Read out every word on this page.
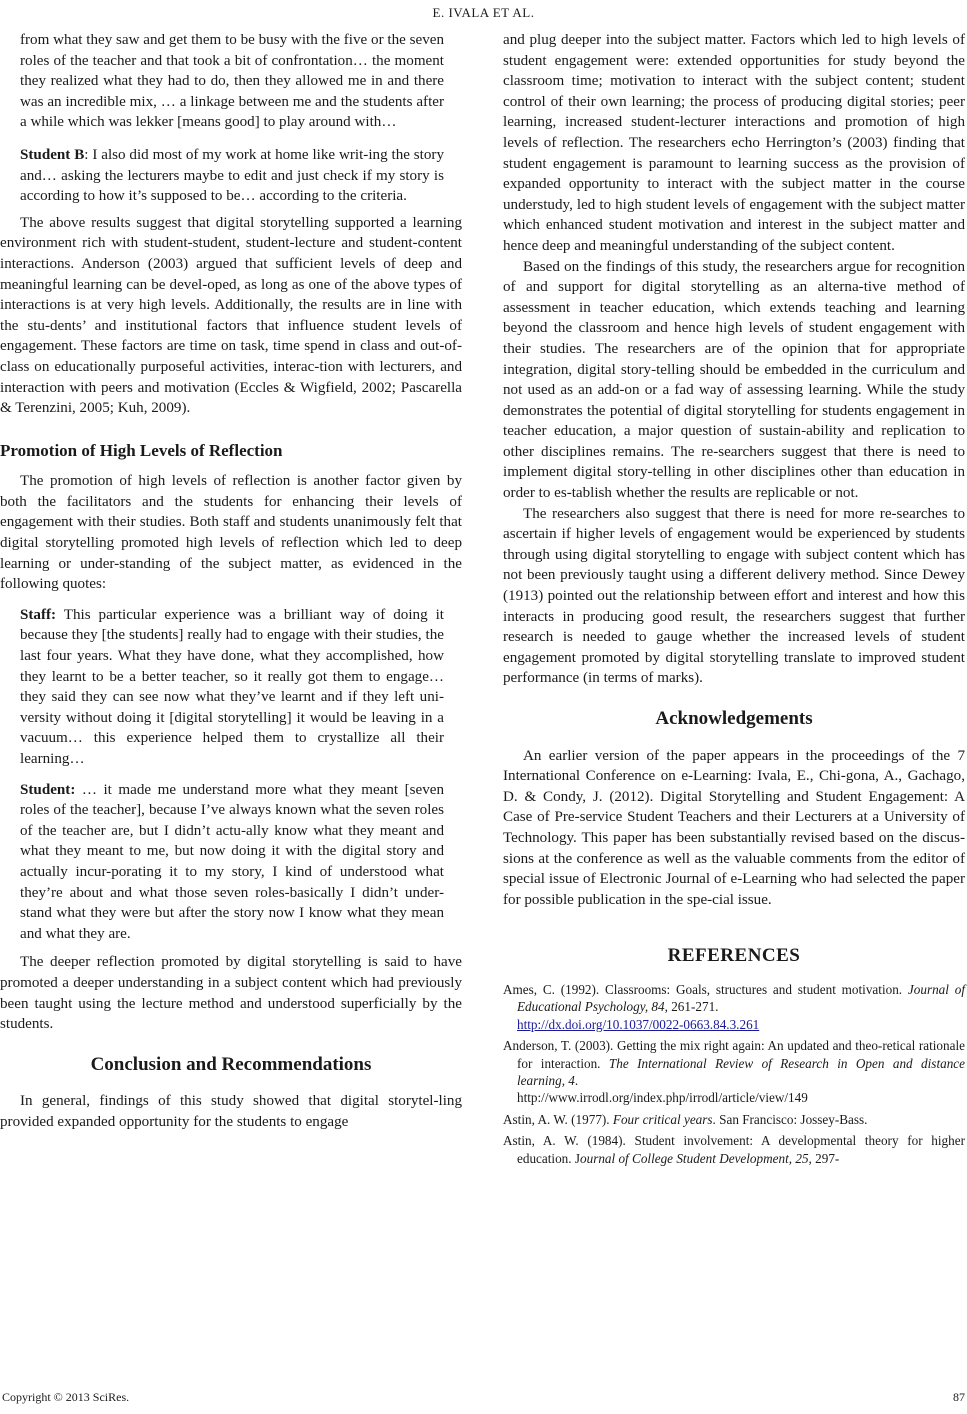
E. IVALA ET AL.

from what they saw and get them to be busy with the five or the seven roles of the teacher and that took a bit of confrontation… the moment they realized what they had to do, then they allowed me in and there was an incredible mix, … a linkage between me and the students after a while which was lekker [means good] to play around with…

Student B: I also did most of my work at home like writ-ing the story and… asking the lecturers maybe to edit and just check if my story is according to how it’s supposed to be… according to the criteria.

The above results suggest that digital storytelling supported a learning environment rich with student-student, student-lecture and student-content interactions. Anderson (2003) argued that sufficient levels of deep and meaningful learning can be devel-oped, as long as one of the above types of interactions is at very high levels. Additionally, the results are in line with the stu-dents’ and institutional factors that influence student levels of engagement. These factors are time on task, time spend in class and out-of-class on educationally purposeful activities, interac-tion with lecturers, and interaction with peers and motivation (Eccles & Wigfield, 2002; Pascarella & Terenzini, 2005; Kuh, 2009).

Promotion of High Levels of Reflection

The promotion of high levels of reflection is another factor given by both the facilitators and the students for enhancing their levels of engagement with their studies. Both staff and students unanimously felt that digital storytelling promoted high levels of reflection which led to deep learning or under-standing of the subject matter, as evidenced in the following quotes:

Staff: This particular experience was a brilliant way of doing it because they [the students] really had to engage with their studies, the last four years. What they have done, what they accomplished, how they learnt to be a better teacher, so it really got them to engage… they said they can see now what they’ve learnt and if they left uni-versity without doing it [digital storytelling] it would be leaving in a vacuum… this experience helped them to crystallize all their learning…

Student: … it made me understand more what they meant [seven roles of the teacher], because I’ve always known what the seven roles of the teacher are, but I didn’t actu-ally know what they meant and what they meant to me, but now doing it with the digital story and actually incur-porating it to my story, I kind of understood what they’re about and what those seven roles-basically I didn’t under-stand what they were but after the story now I know what they mean and what they are.

The deeper reflection promoted by digital storytelling is said to have promoted a deeper understanding in a subject content which had previously been taught using the lecture method and understood superficially by the students.

Conclusion and Recommendations

In general, findings of this study showed that digital storytel-ling provided expanded opportunity for the students to engage

and plug deeper into the subject matter. Factors which led to high levels of student engagement were: extended opportunities for study beyond the classroom time; motivation to interact with the subject content; student control of their own learning; the process of producing digital stories; peer learning, increased student-lecturer interactions and promotion of high levels of reflection. The researchers echo Herrington’s (2003) finding that student engagement is paramount to learning success as the provision of expanded opportunity to interact with the subject matter in the course understudy, led to high student levels of engagement with the subject matter which enhanced student motivation and interest in the subject matter and hence deep and meaningful understanding of the subject content.

Based on the findings of this study, the researchers argue for recognition of and support for digital storytelling as an alterna-tive method of assessment in teacher education, which extends teaching and learning beyond the classroom and hence high levels of student engagement with their studies. The researchers are of the opinion that for appropriate integration, digital story-telling should be embedded in the curriculum and not used as an add-on or a fad way of assessing learning. While the study demonstrates the potential of digital storytelling for students engagement in teacher education, a major question of sustain-ability and replication to other disciplines remains. The re-searchers suggest that there is need to implement digital story-telling in other disciplines other than education in order to es-tablish whether the results are replicable or not.

The researchers also suggest that there is need for more re-searches to ascertain if higher levels of engagement would be experienced by students through using digital storytelling to engage with subject content which has not been previously taught using a different delivery method. Since Dewey (1913) pointed out the relationship between effort and interest and how this interacts in producing good result, the researchers suggest that further research is needed to gauge whether the increased levels of student engagement promoted by digital storytelling translate to improved student performance (in terms of marks).

Acknowledgements

An earlier version of the paper appears in the proceedings of the 7 International Conference on e-Learning: Ivala, E., Chi-gona, A., Gachago, D. & Condy, J. (2012). Digital Storytelling and Student Engagement: A Case of Pre-service Student Teachers and their Lecturers at a University of Technology. This paper has been substantially revised based on the discus-sions at the conference as well as the valuable comments from the editor of special issue of Electronic Journal of e-Learning who had selected the paper for possible publication in the spe-cial issue.

REFERENCES
Ames, C. (1992). Classrooms: Goals, structures and student motivation. Journal of Educational Psychology, 84, 261-271.
http://dx.doi.org/10.1037/0022-0663.84.3.261
Anderson, T. (2003). Getting the mix right again: An updated and theo-retical rationale for interaction. The International Review of Research in Open and distance learning, 4.
http://www.irrodl.org/index.php/irrodl/article/view/149
Astin, A. W. (1977). Four critical years. San Francisco: Jossey-Bass.
Astin, A. W. (1984). Student involvement: A developmental theory for higher education. Journal of College Student Development, 25, 297-
Copyright © 2013 SciRes.	87
